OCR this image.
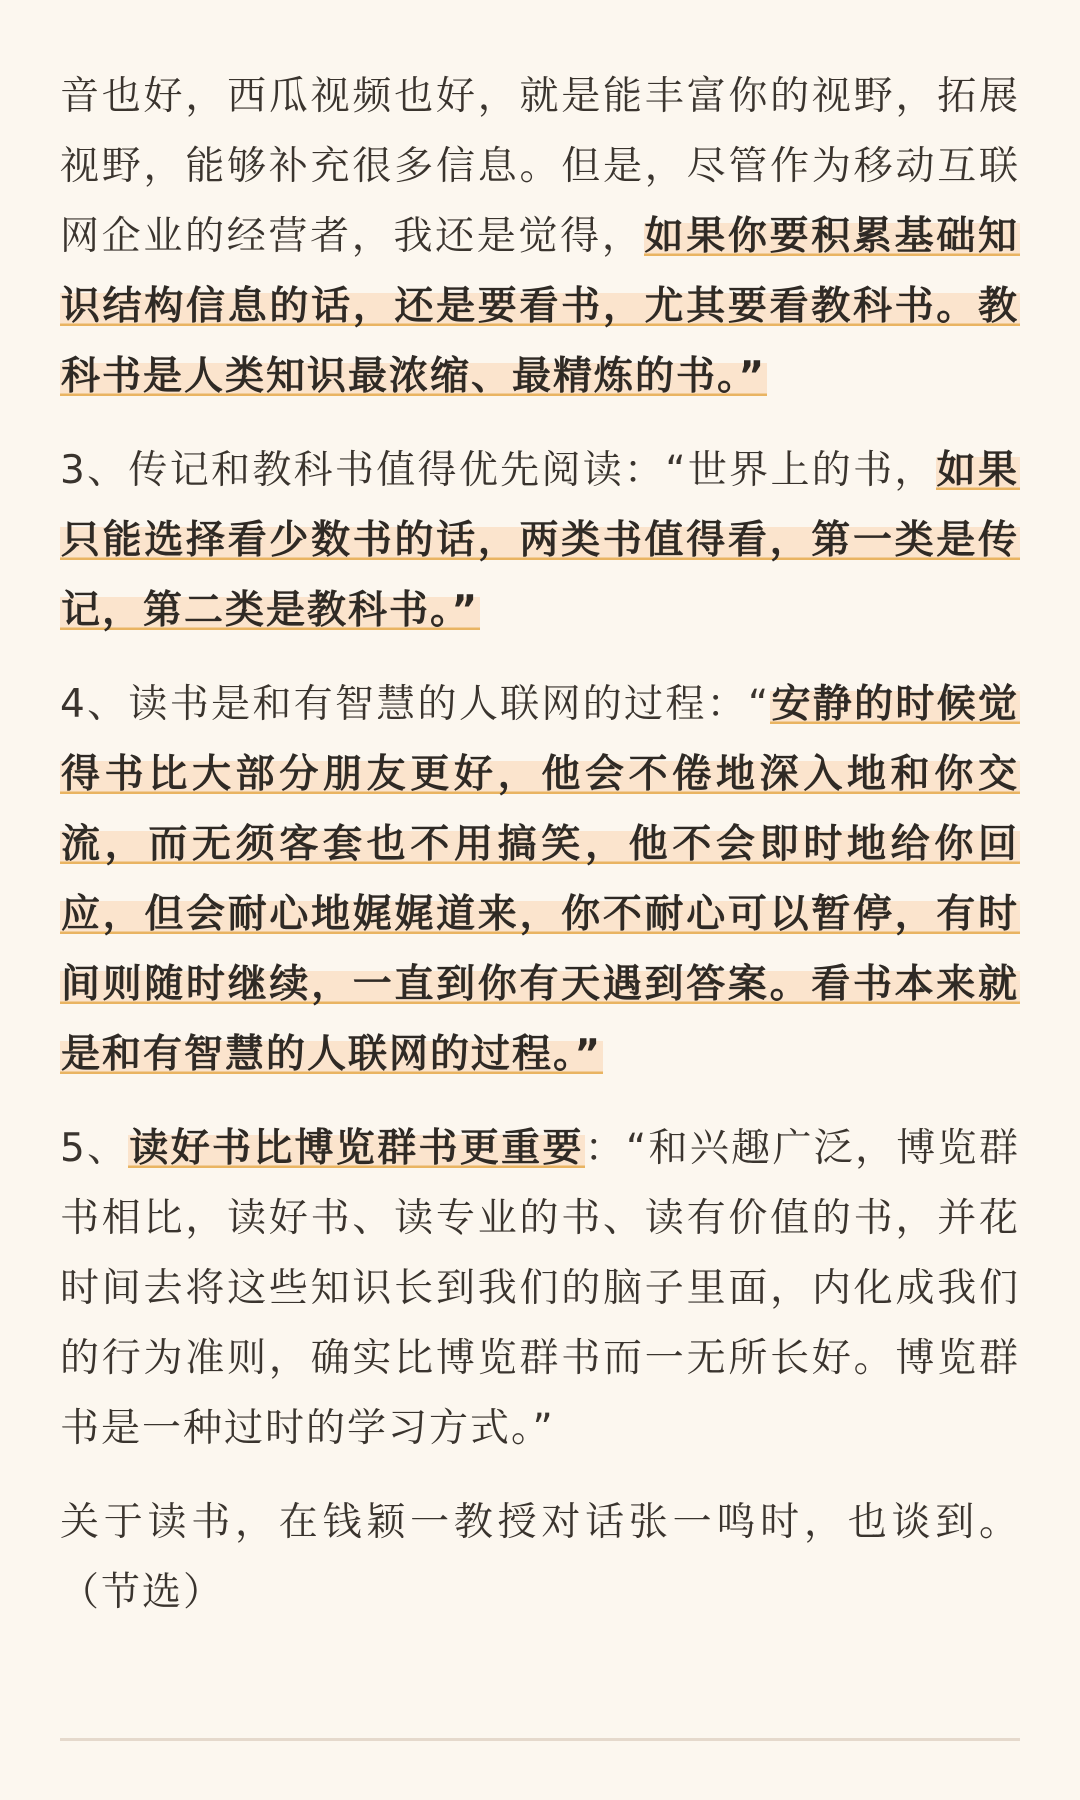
音也好，西瓜视频也好，就是能丰富你的视野，拓展视野，能够补充很多信息。但是，尽管作为移动互联网企业的经营者，我还是觉得，如果你要积累基础知识结构信息的话，还是要看书，尤其要看教科书。教科书是人类知识最浓缩、最精炼的书。”

3、传记和教科书值得优先阅读：“世界上的书，如果只能选择看少数书的话，两类书值得看，第一类是传记，第二类是教科书。”

4、读书是和有智慧的人联网的过程：“安静的时候觉得书比大部分朋友更好，他会不倦地深入地和你交流，而无须客套也不用搞笑，他不会即时地给你回应，但会耐心地娓娓道来，你不耐心可以暂停，有时间则随时继续，一直到你有天遇到答案。看书本来就是和有智慧的人联网的过程。”

5、读好书比博览群书更重要：“和兴趣广泛，博览群书相比，读好书、读专业的书、读有价值的书，并花时间去将这些知识长到我们的脑子里面，内化成我们的行为准则，确实比博览群书而一无所长好。博览群书是一种过时的学习方式。”

关于读书，在钱颖一教授对话张一鸣时，也谈到。（节选）
